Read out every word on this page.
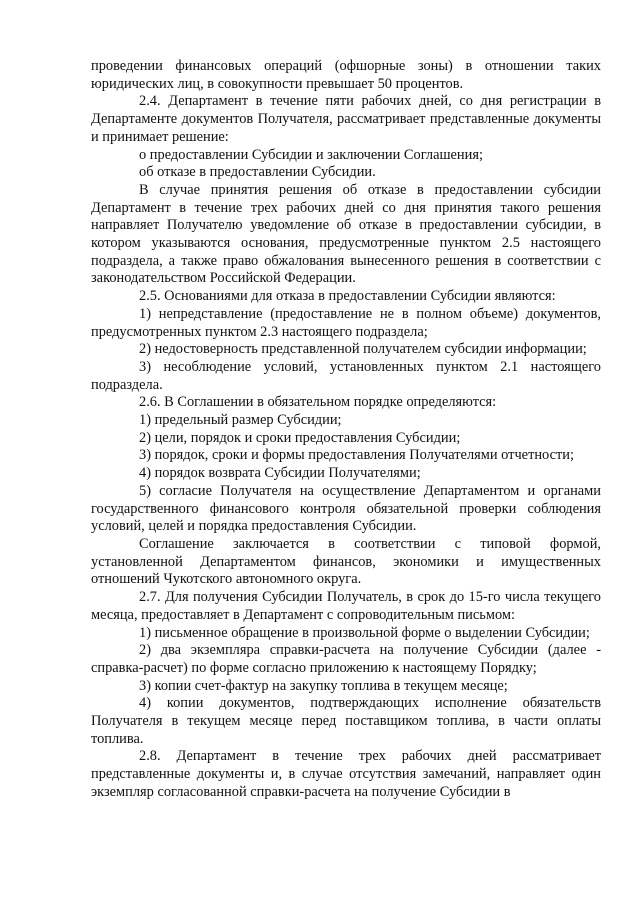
проведении финансовых операций (офшорные зоны) в отношении таких юридических лиц, в совокупности превышает 50 процентов.

2.4. Департамент в течение пяти рабочих дней, со дня регистрации в Департаменте документов Получателя, рассматривает представленные документы и принимает решение:

о предоставлении Субсидии и заключении Соглашения;

об отказе в предоставлении Субсидии.

В случае принятия решения об отказе в предоставлении субсидии Департамент в течение трех рабочих дней со дня принятия такого решения направляет Получателю уведомление об отказе в предоставлении субсидии, в котором указываются основания, предусмотренные пунктом 2.5 настоящего подраздела, а также право обжалования вынесенного решения в соответствии с законодательством Российской Федерации.

2.5. Основаниями для отказа в предоставлении Субсидии являются:

1) непредставление (предоставление не в полном объеме) документов, предусмотренных пунктом 2.3 настоящего подраздела;

2) недостоверность представленной получателем субсидии информации;

3) несоблюдение условий, установленных пунктом 2.1 настоящего подраздела.

2.6. В Соглашении в обязательном порядке определяются:

1) предельный размер Субсидии;

2) цели, порядок и сроки предоставления Субсидии;

3) порядок, сроки и формы предоставления Получателями отчетности;

4) порядок возврата Субсидии Получателями;

5) согласие Получателя на осуществление Департаментом и органами государственного финансового контроля обязательной проверки соблюдения условий, целей и порядка предоставления Субсидии.

Соглашение заключается в соответствии с типовой формой, установленной Департаментом финансов, экономики и имущественных отношений Чукотского автономного округа.

2.7. Для получения Субсидии Получатель, в срок до 15-го числа текущего месяца, предоставляет в Департамент с сопроводительным письмом:

1) письменное обращение в произвольной форме о выделении Субсидии;

2) два экземпляра справки-расчета на получение Субсидии (далее - справка-расчет) по форме согласно приложению к настоящему Порядку;

3) копии счет-фактур на закупку топлива в текущем месяце;

4) копии документов, подтверждающих исполнение обязательств Получателя в текущем месяце перед поставщиком топлива, в части оплаты топлива.

2.8. Департамент в течение трех рабочих дней рассматривает представленные документы и, в случае отсутствия замечаний, направляет один экземпляр согласованной справки-расчета на получение Субсидии в
